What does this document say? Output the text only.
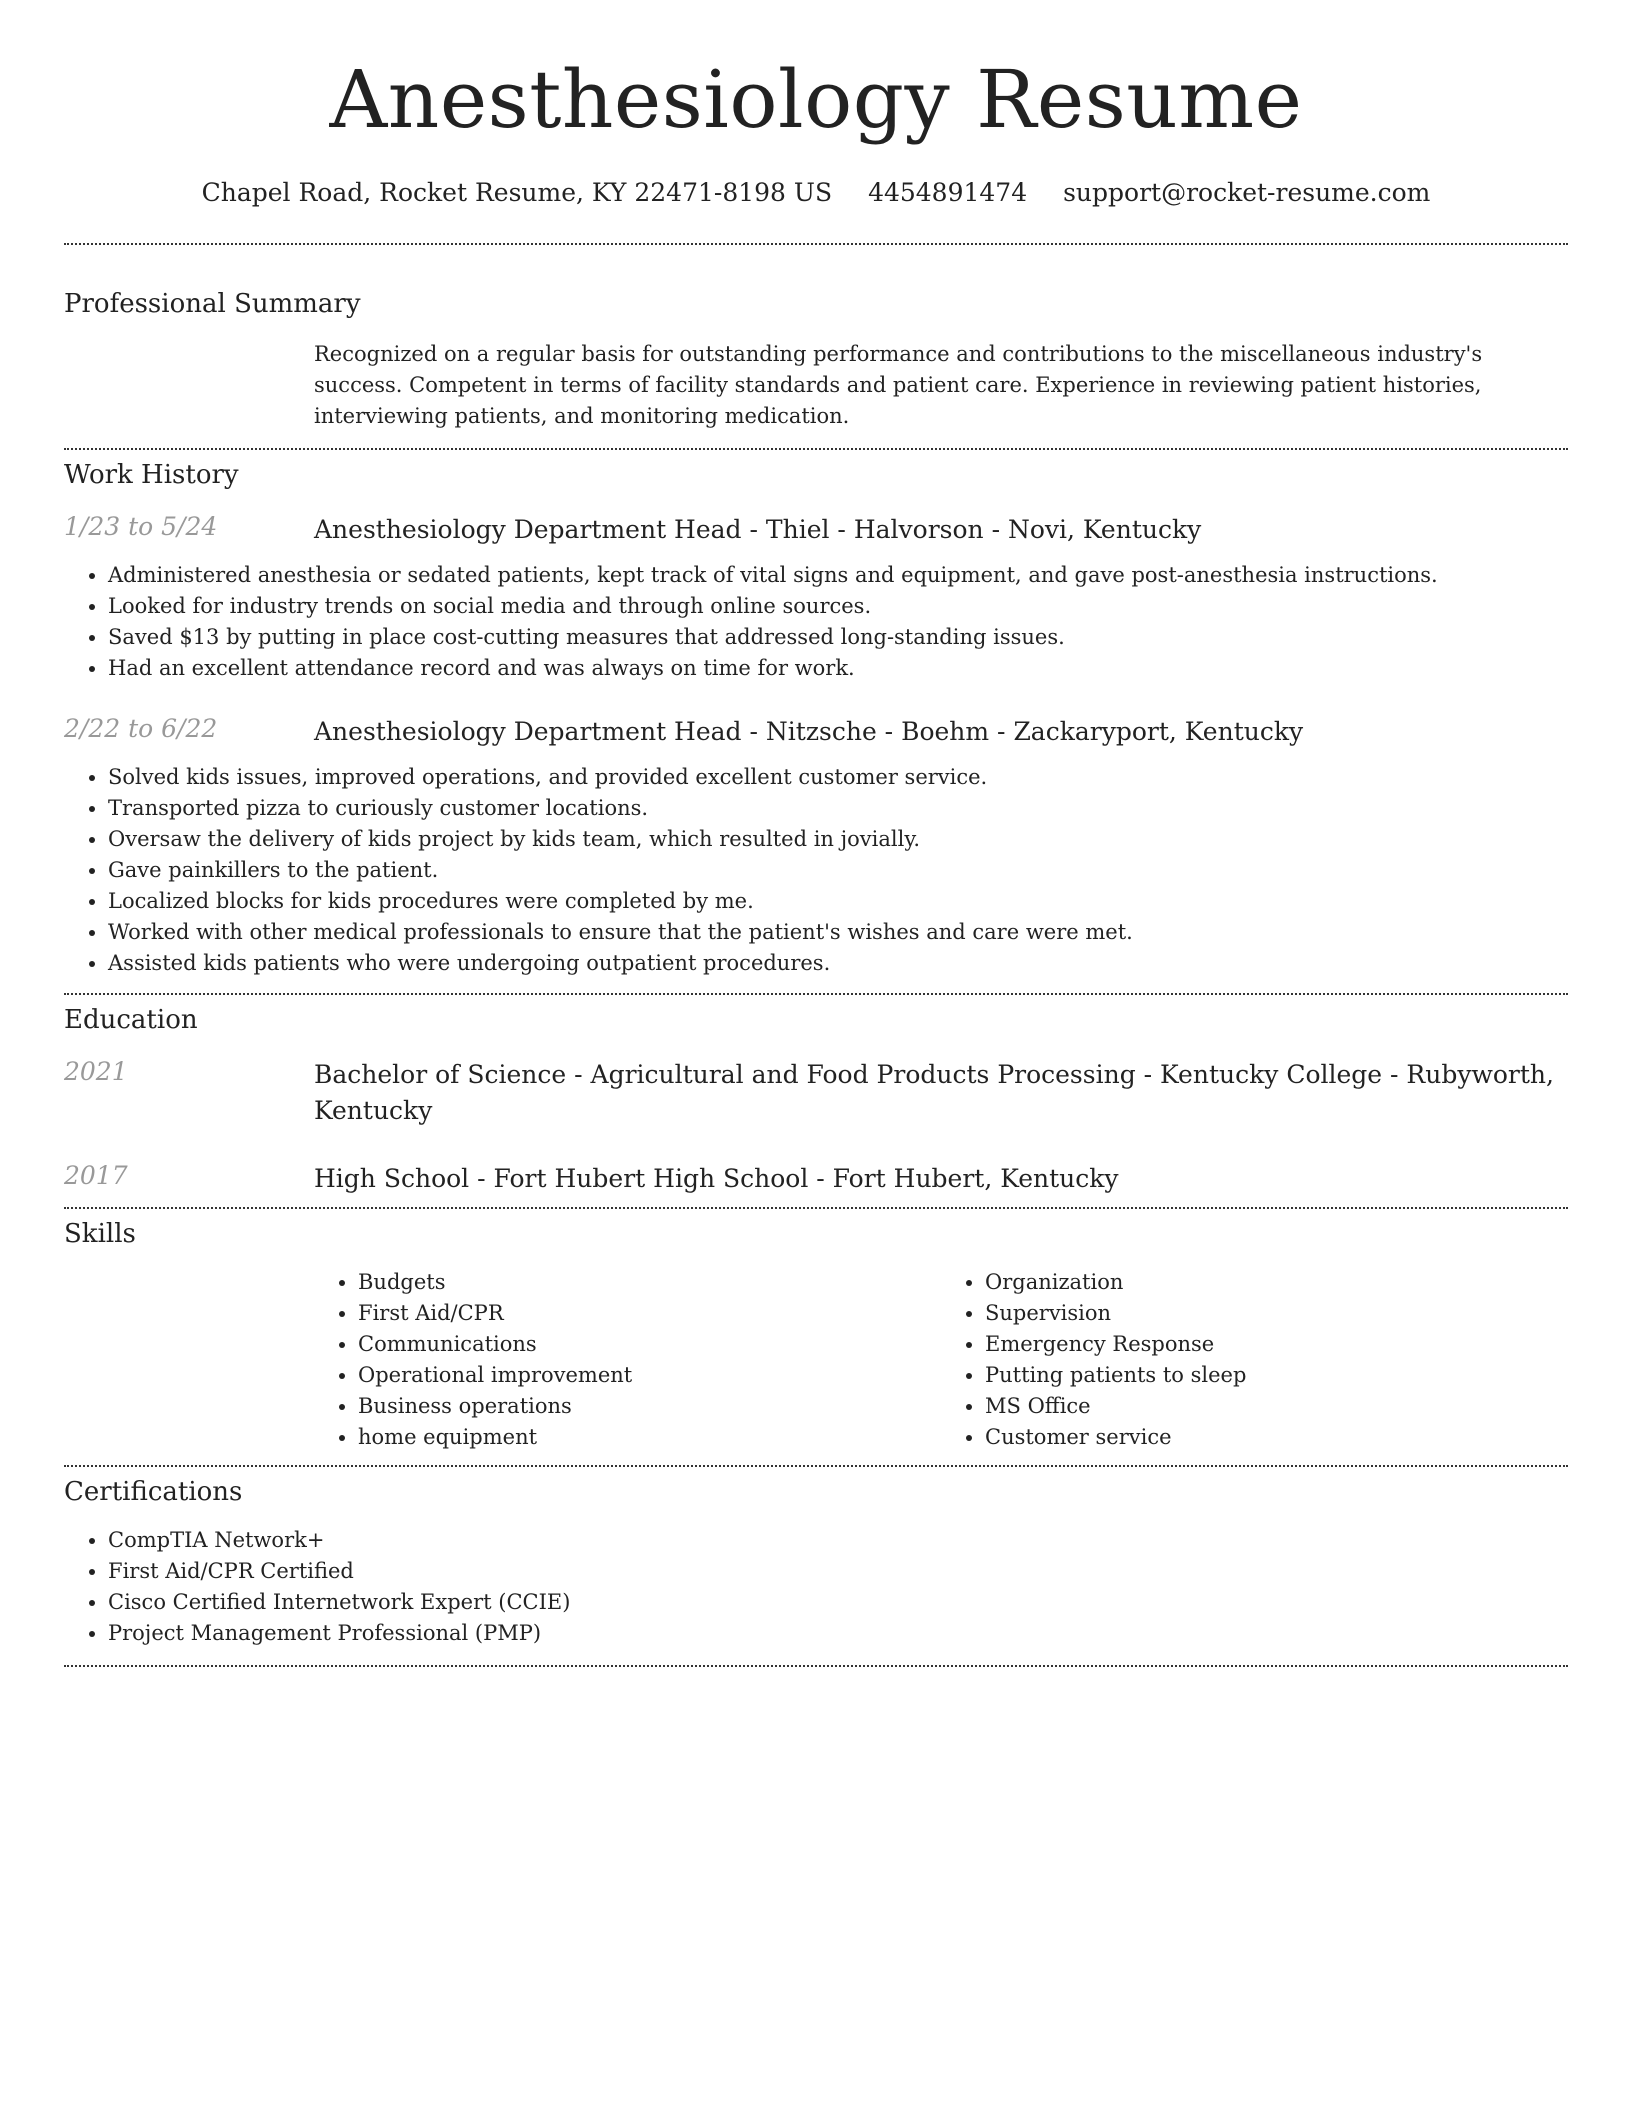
Anesthesiology Resume
Chapel Road, Rocket Resume, KY 22471-8198 US 4454891474 support@rocket-resume.com
Professional Summary
Recognized on a regular basis for outstanding performance and contributions to the miscellaneous industry's success. Competent in terms of facility standards and patient care. Experience in reviewing patient histories, interviewing patients, and monitoring medication.
Work History
1/23 to 5/24	Anesthesiology Department Head - Thiel - Halvorson - Novi, Kentucky
• Administered anesthesia or sedated patients, kept track of vital signs and equipment, and gave post-anesthesia instructions.
• Looked for industry trends on social media and through online sources.
• Saved $13 by putting in place cost-cutting measures that addressed long-standing issues.
• Had an excellent attendance record and was always on time for work.
2/22 to 6/22	Anesthesiology Department Head - Nitzsche - Boehm - Zackaryport, Kentucky
• Solved kids issues, improved operations, and provided excellent customer service.
• Transported pizza to curiously customer locations.
• Oversaw the delivery of kids project by kids team, which resulted in jovially.
• Gave painkillers to the patient.
• Localized blocks for kids procedures were completed by me.
• Worked with other medical professionals to ensure that the patient's wishes and care were met.
• Assisted kids patients who were undergoing outpatient procedures.
Education
2021	Bachelor of Science - Agricultural and Food Products Processing - Kentucky College - Rubyworth, Kentucky
2017	High School - Fort Hubert High School - Fort Hubert, Kentucky
Skills
• Budgets
• First Aid/CPR
• Communications
• Operational improvement
• Business operations
• home equipment
• Organization
• Supervision
• Emergency Response
• Putting patients to sleep
• MS Office
• Customer service
Certifications
• CompTIA Network+
• First Aid/CPR Certified
• Cisco Certified Internetwork Expert (CCIE)
• Project Management Professional (PMP)
